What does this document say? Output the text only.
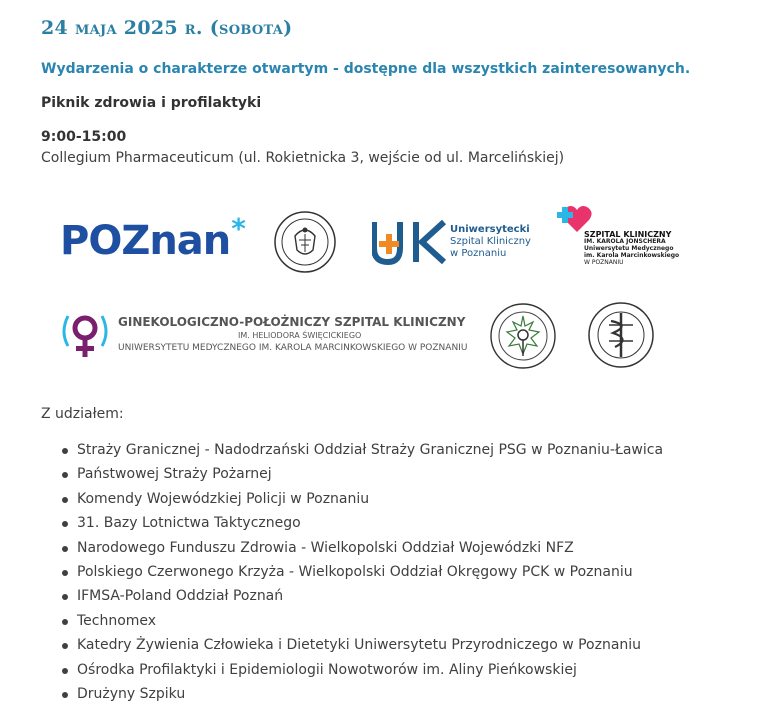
24 maja 2025 r. (sobota)

Wydarzenia o charakterze otwartym - dostępne dla wszystkich zainteresowanych.

Piknik zdrowia i profilaktyki

9:00-15:00
Collegium Pharmaceuticum (ul. Rokietnicka 3, wejście od ul. Marcelińskiej)
POZnan*	Uniwersytecki
Szpital Kliniczny
w Poznaniu
SZPITAL KLINICZNY
IM. KAROLA JONSCHERA
Uniwersytetu Medycznego
im. Karola Marcinkowskiego
W POZNANIU
GINEKOLOGICZNO-POŁOŻNICZY SZPITAL KLINICZNY
IM. HELIODORA ŚWIĘCICKIEGO
UNIWERSYTETU MEDYCZNEGO IM. KAROLA MARCINKOWSKIEGO W POZNANIU
Z udziałem:
Straży Granicznej - Nadodrzański Oddział Straży Granicznej PSG w Poznaniu-Ławica
Państwowej Straży Pożarnej
Komendy Wojewódzkiej Policji w Poznaniu
31. Bazy Lotnictwa Taktycznego
Narodowego Funduszu Zdrowia - Wielkopolski Oddział Wojewódzki NFZ
Polskiego Czerwonego Krzyża - Wielkopolski Oddział Okręgowy PCK w Poznaniu
IFMSA-Poland Oddział Poznań
Technomex
Katedry Żywienia Człowieka i Dietetyki Uniwersytetu Przyrodniczego w Poznaniu
Ośrodka Profilaktyki i Epidemiologii Nowotworów im. Aliny Pieńkowskiej
Drużyny Szpiku
